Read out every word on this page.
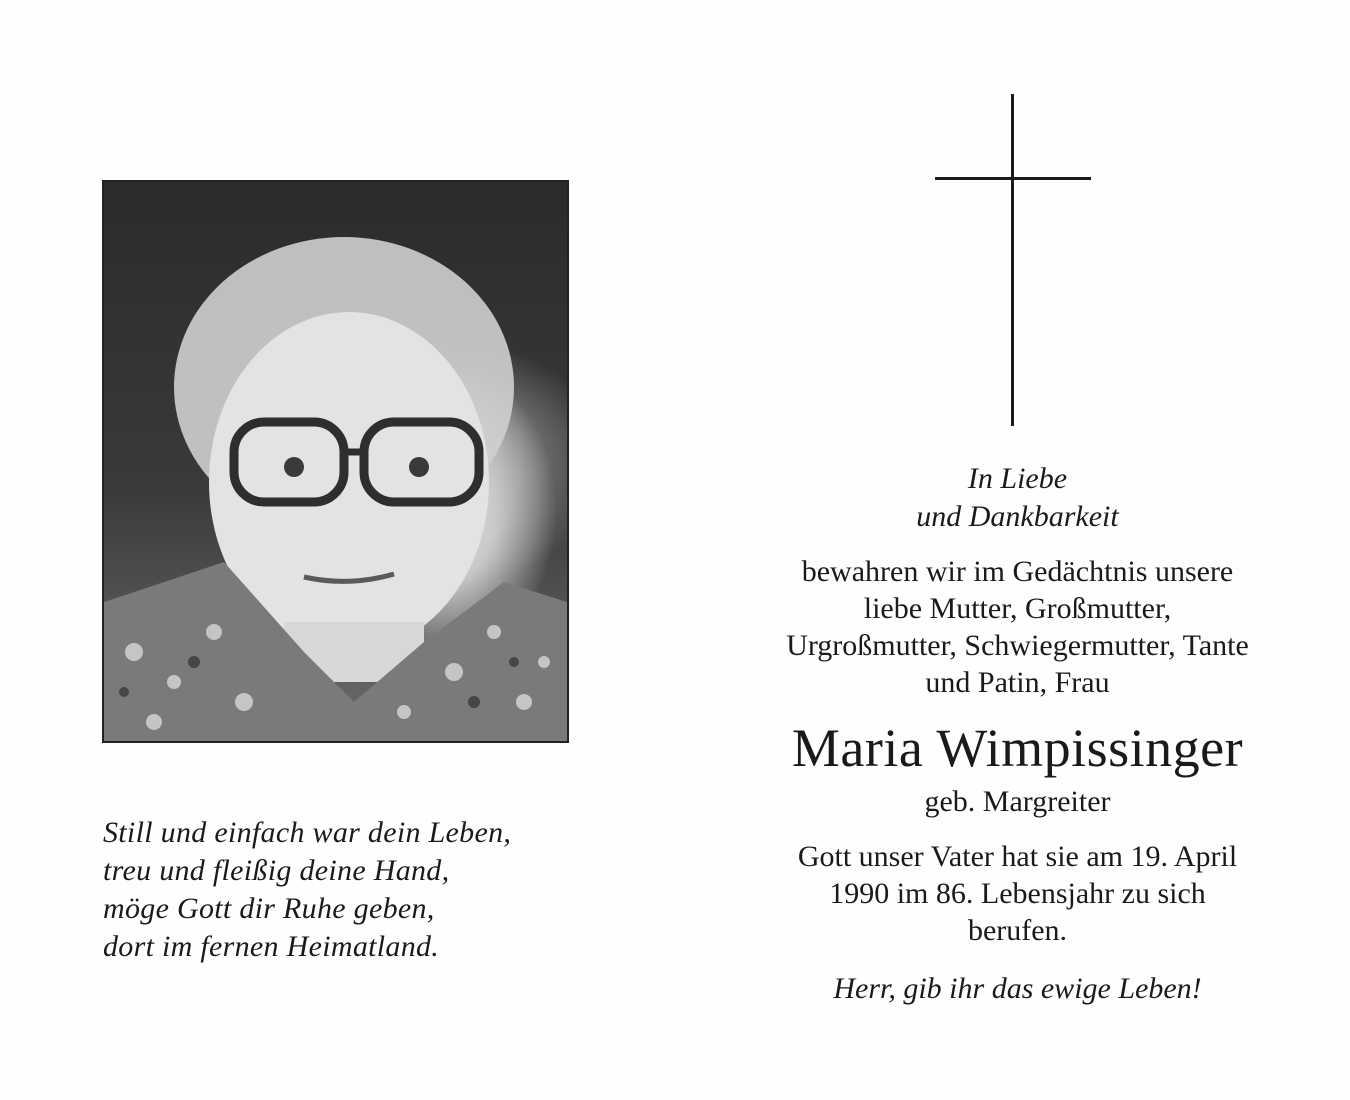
Still und einfach war dein Leben,
treu und fleißig deine Hand,
möge Gott dir Ruhe geben,
dort im fernen Heimatland.
In Liebe
und Dankbarkeit
bewahren wir im Gedächtnis unsere
liebe Mutter, Großmutter,
Urgroßmutter, Schwiegermutter, Tante
und Patin, Frau
Maria Wimpissinger
geb. Margreiter
Gott unser Vater hat sie am 19. April
1990 im 86. Lebensjahr zu sich
berufen.
Herr, gib ihr das ewige Leben!
